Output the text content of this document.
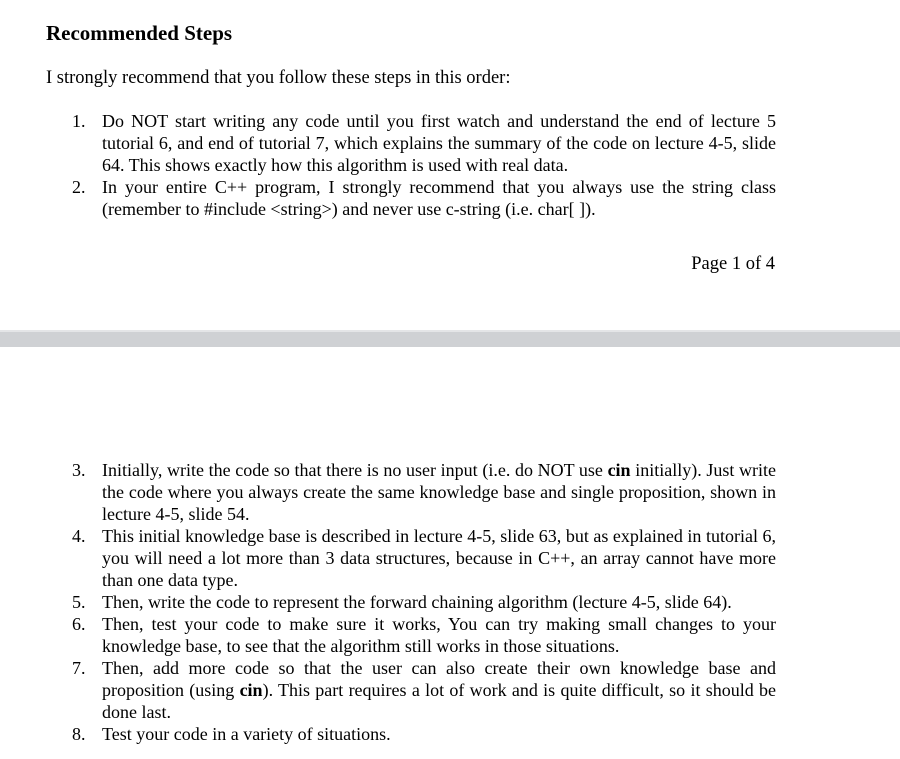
Recommended Steps

I strongly recommend that you follow these steps in this order:

1. Do NOT start writing any code until you first watch and understand the end of lecture 5 tutorial 6, and end of tutorial 7, which explains the summary of the code on lecture 4-5, slide 64. This shows exactly how this algorithm is used with real data.
2. In your entire C++ program, I strongly recommend that you always use the string class (remember to #include <string>) and never use c-string (i.e. char[ ]).
Page 1 of 4
3. Initially, write the code so that there is no user input (i.e. do NOT use cin initially). Just write the code where you always create the same knowledge base and single proposition, shown in lecture 4-5, slide 54.
4. This initial knowledge base is described in lecture 4-5, slide 63, but as explained in tutorial 6, you will need a lot more than 3 data structures, because in C++, an array cannot have more than one data type.
5. Then, write the code to represent the forward chaining algorithm (lecture 4-5, slide 64).
6. Then, test your code to make sure it works, You can try making small changes to your knowledge base, to see that the algorithm still works in those situations.
7. Then, add more code so that the user can also create their own knowledge base and proposition (using cin). This part requires a lot of work and is quite difficult, so it should be done last.
8. Test your code in a variety of situations.
